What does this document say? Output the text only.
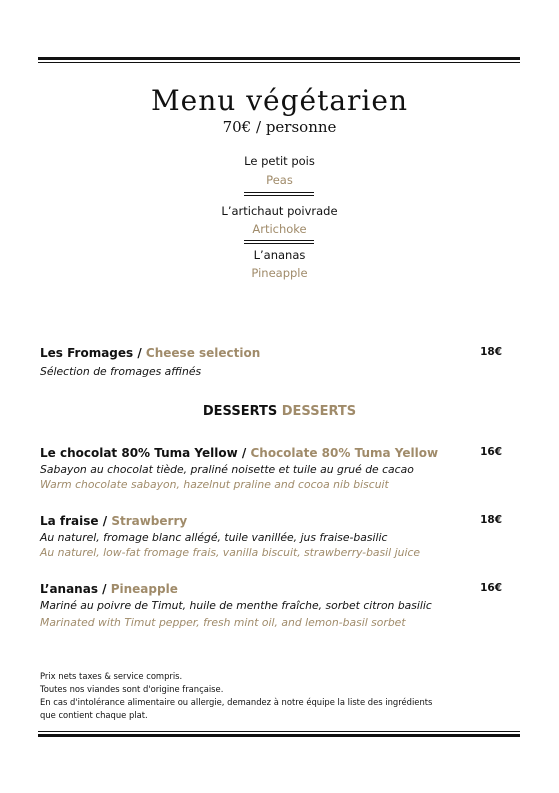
Menu végétarien
70€ / personne
Le petit pois
Peas
L’artichaut poivrade
Artichoke
L’ananas
Pineapple
Les Fromages / Cheese selection	18€
Sélection de fromages affinés
DESSERTS DESSERTS
Le chocolat 80% Tuma Yellow / Chocolate 80% Tuma Yellow	16€
Sabayon au chocolat tiède, praliné noisette et tuile au grué de cacao
Warm chocolate sabayon, hazelnut praline and cocoa nib biscuit
La fraise / Strawberry	18€
Au naturel, fromage blanc allégé, tuile vanillée, jus fraise-basilic
Au naturel, low-fat fromage frais, vanilla biscuit, strawberry-basil juice
L’ananas / Pineapple	16€
Mariné au poivre de Timut, huile de menthe fraîche, sorbet citron basilic
Marinated with Timut pepper, fresh mint oil, and lemon-basil sorbet
Prix nets taxes & service compris.
Toutes nos viandes sont d'origine française.
En cas d'intolérance alimentaire ou allergie, demandez à notre équipe la liste des ingrédients
que contient chaque plat.
